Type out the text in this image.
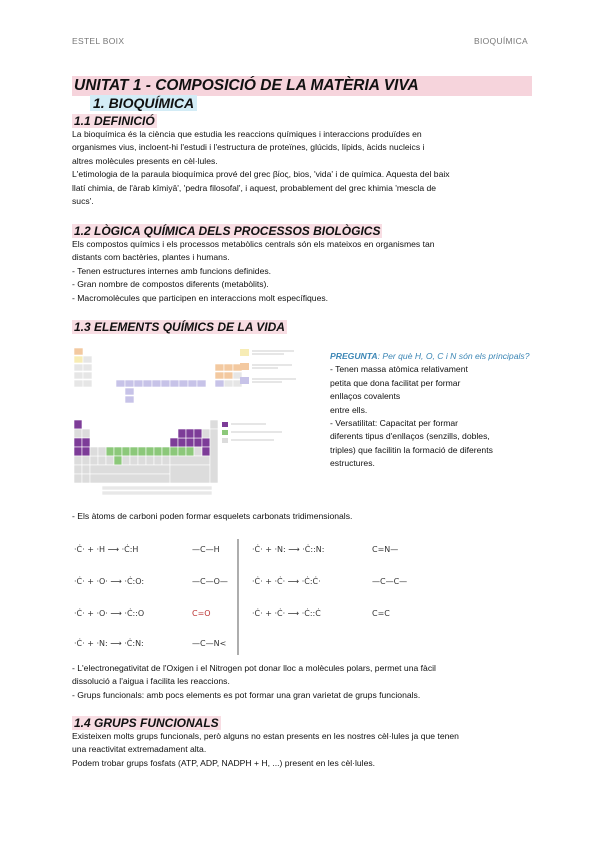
ESTEL BOIX	BIOQUÍMICA
UNITAT 1 - COMPOSICIÓ DE LA MATÈRIA VIVA
1. BIOQUÍMICA
1.1 DEFINICIÓ
La bioquímica és la ciència que estudia les reaccions químiques i interaccions produïdes en
organismes vius, incloent-hi l'estudi i l'estructura de proteïnes, glúcids, lípids, àcids nucleics i
altres molècules presents en cèl·lules.
L'etimologia de la paraula bioquímica prové del grec βίος, bios, 'vida' i de química. Aquesta del baix
llatí chimia, de l'àrab kīmiyā', 'pedra filosofal', i aquest, probablement del grec khimia 'mescla de
sucs'.
1.2 LÒGICA QUÍMICA DELS PROCESSOS BIOLÒGICS
Els compostos químics i els processos metabòlics centrals són els mateixos en organismes tan
distants com bactèries, plantes i humans.
- Tenen estructures internes amb funcions definides.
- Gran nombre de compostos diferents (metabòlits).
- Macromolècules que participen en interaccions molt específiques.
1.3 ELEMENTS QUÍMICS DE LA VIDA
PREGUNTA: Per què H, O, C i N són els principals?
- Tenen massa atòmica relativament
petita que dona facilitat per formar
enllaços covalents
entre ells.
- Versatilitat: Capacitat per formar
diferents tipus d'enllaços (senzills, dobles,
triples) que facilitin la formació de diferents
estructures.
- Els àtoms de carboni poden formar esquelets carbonats tridimensionals.
·Ċ· + ·H ⟶ ·Ċ:H	—C—H	·Ċ· + ·N: ⟶ ·Ċ::N:	C=N—
·Ċ· + ·O· ⟶ ·Ċ:O:	—C—O—	·Ċ· + ·Ċ· ⟶ ·Ċ:Ċ·	—C—C—
·Ċ· + ·O· ⟶ ·Ċ::O	C=O	·Ċ· + ·Ċ· ⟶ ·Ċ::Ċ	C=C
·Ċ· + ·N: ⟶ ·Ċ:N:	—C—N<
- L'electronegativitat de l'Oxigen i el Nitrogen pot donar lloc a molècules polars, permet una fàcil
dissolució a l'aigua i facilita les reaccions.
- Grups funcionals: amb pocs elements es pot formar una gran varietat de grups funcionals.
1.4 GRUPS FUNCIONALS
Existeixen molts grups funcionals, però alguns no estan presents en les nostres cèl·lules ja que tenen
una reactivitat extremadament alta.
Podem trobar grups fosfats (ATP, ADP, NADPH + H, ...) present en les cèl·lules.
